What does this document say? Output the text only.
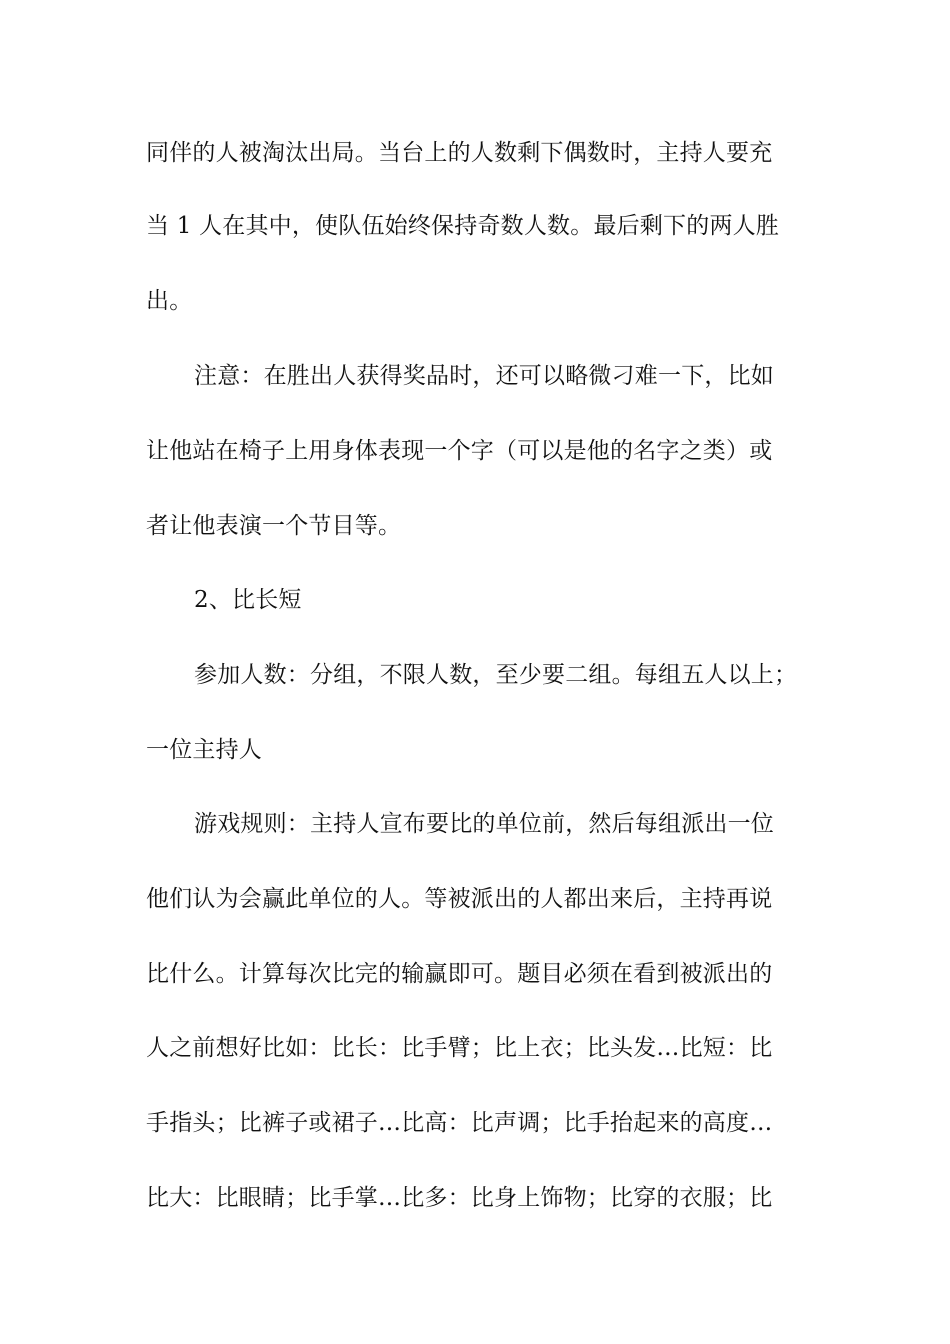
同伴的人被淘汰出局。当台上的人数剩下偶数时，主持人要充
当 1 人在其中，使队伍始终保持奇数人数。最后剩下的两人胜
出。
注意：在胜出人获得奖品时，还可以略微刁难一下，比如
让他站在椅子上用身体表现一个字（可以是他的名字之类）或
者让他表演一个节目等。
2、比长短
参加人数：分组，不限人数，至少要二组。每组五人以上；
一位主持人
游戏规则：主持人宣布要比的单位前，然后每组派出一位
他们认为会赢此单位的人。等被派出的人都出来后，主持再说
比什么。计算每次比完的输赢即可。题目必须在看到被派出的
人之前想好比如：比长：比手臂；比上衣；比头发…比短：比
手指头；比裤子或裙子…比高：比声调；比手抬起来的高度…
比大：比眼睛；比手掌…比多：比身上饰物；比穿的衣服；比
